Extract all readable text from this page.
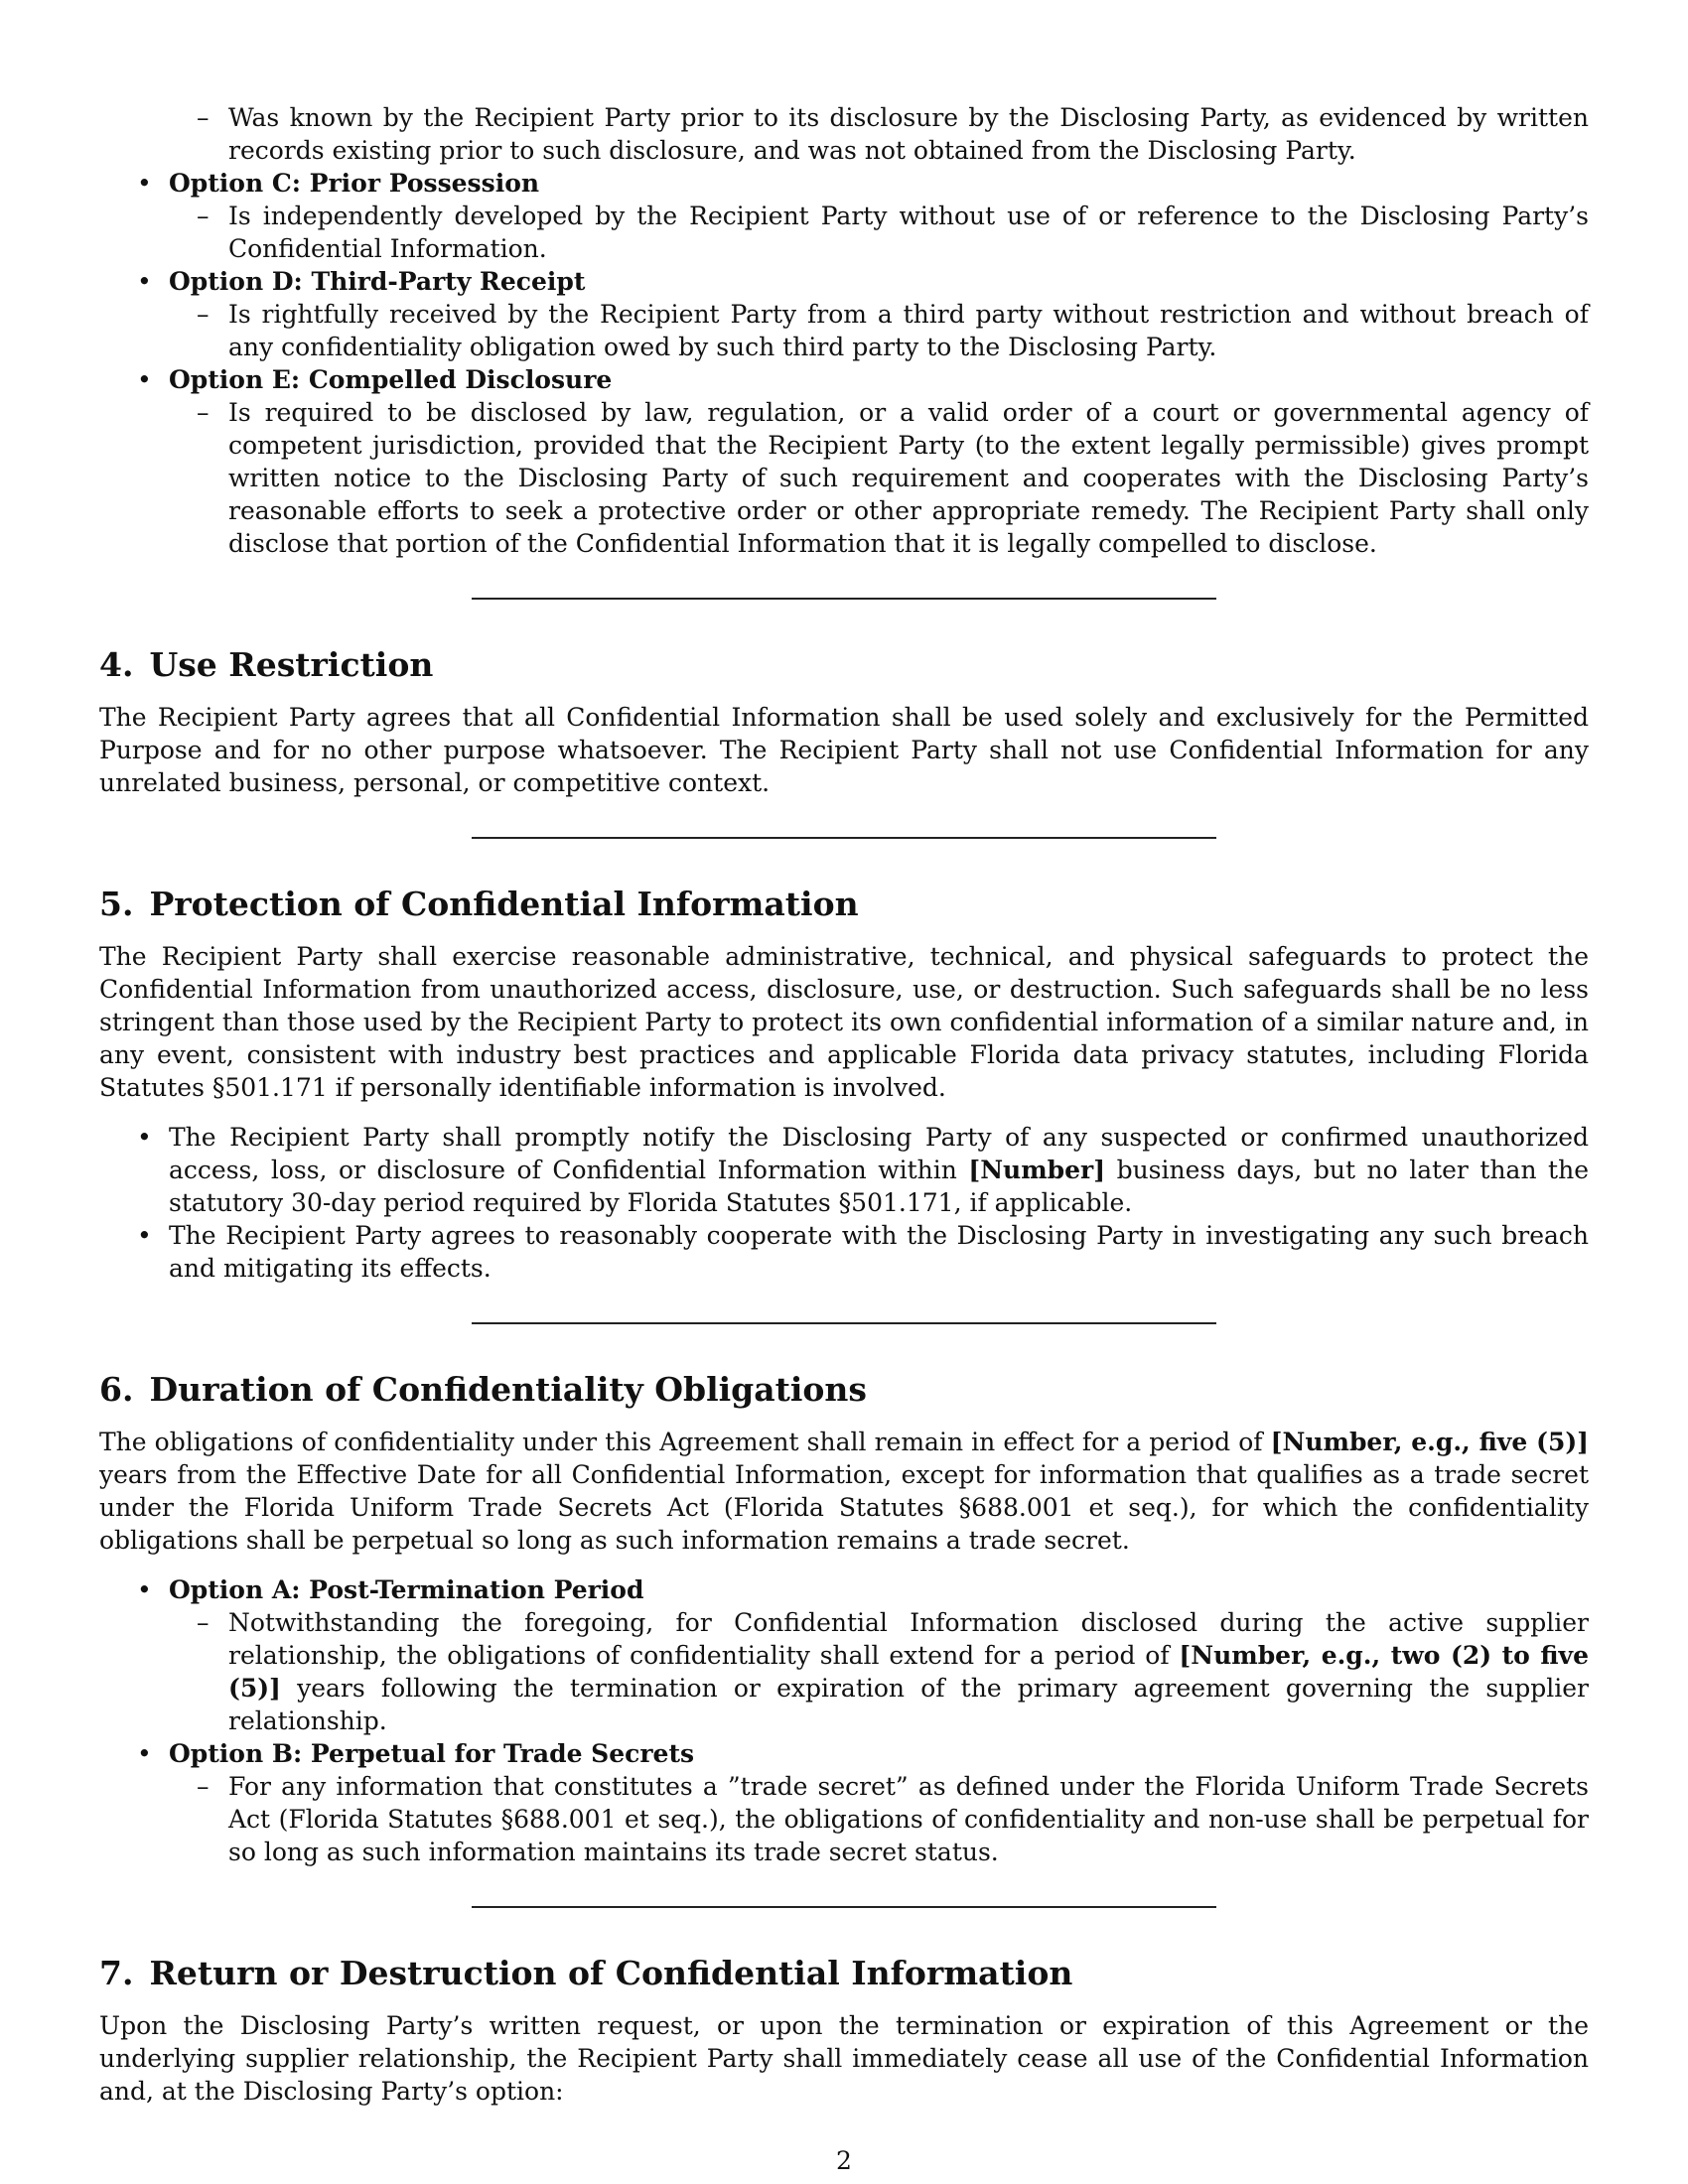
– Was known by the Recipient Party prior to its disclosure by the Disclosing Party, as evidenced by written records existing prior to such disclosure, and was not obtained from the Disclosing Party.
• Option C: Prior Possession
– Is independently developed by the Recipient Party without use of or reference to the Disclosing Party’s Confidential Information.
• Option D: Third-Party Receipt
– Is rightfully received by the Recipient Party from a third party without restriction and without breach of any confidentiality obligation owed by such third party to the Disclosing Party.
• Option E: Compelled Disclosure
– Is required to be disclosed by law, regulation, or a valid order of a court or governmental agency of competent jurisdiction, provided that the Recipient Party (to the extent legally permissible) gives prompt written notice to the Disclosing Party of such requirement and cooperates with the Disclosing Party’s reasonable efforts to seek a protective order or other appropriate remedy. The Recipient Party shall only disclose that portion of the Confidential Information that it is legally compelled to disclose.
4. Use Restriction

The Recipient Party agrees that all Confidential Information shall be used solely and exclusively for the Permitted Purpose and for no other purpose whatsoever. The Recipient Party shall not use Confidential Information for any unrelated business, personal, or competitive context.

5. Protection of Confidential Information

The Recipient Party shall exercise reasonable administrative, technical, and physical safeguards to protect the Confidential Information from unauthorized access, disclosure, use, or destruction. Such safeguards shall be no less stringent than those used by the Recipient Party to protect its own confidential information of a similar nature and, in any event, consistent with industry best practices and applicable Florida data privacy statutes, including Florida Statutes §501.171 if personally identifiable information is involved.

• The Recipient Party shall promptly notify the Disclosing Party of any suspected or confirmed unauthorized access, loss, or disclosure of Confidential Information within [Number] business days, but no later than the statutory 30-day period required by Florida Statutes §501.171, if applicable.
• The Recipient Party agrees to reasonably cooperate with the Disclosing Party in investigating any such breach and mitigating its effects.
6. Duration of Confidentiality Obligations

The obligations of confidentiality under this Agreement shall remain in effect for a period of [Number, e.g., five (5)] years from the Effective Date for all Confidential Information, except for information that qualifies as a trade secret under the Florida Uniform Trade Secrets Act (Florida Statutes §688.001 et seq.), for which the confidentiality obligations shall be perpetual so long as such information remains a trade secret.

• Option A: Post-Termination Period
– Notwithstanding the foregoing, for Confidential Information disclosed during the active supplier relationship, the obligations of confidentiality shall extend for a period of [Number, e.g., two (2) to five (5)] years following the termination or expiration of the primary agreement governing the supplier relationship.
• Option B: Perpetual for Trade Secrets
– For any information that constitutes a ”trade secret” as defined under the Florida Uniform Trade Secrets Act (Florida Statutes §688.001 et seq.), the obligations of confidentiality and non-use shall be perpetual for so long as such information maintains its trade secret status.
7. Return or Destruction of Confidential Information

Upon the Disclosing Party’s written request, or upon the termination or expiration of this Agreement or the underlying supplier relationship, the Recipient Party shall immediately cease all use of the Confidential Information and, at the Disclosing Party’s option:

2
